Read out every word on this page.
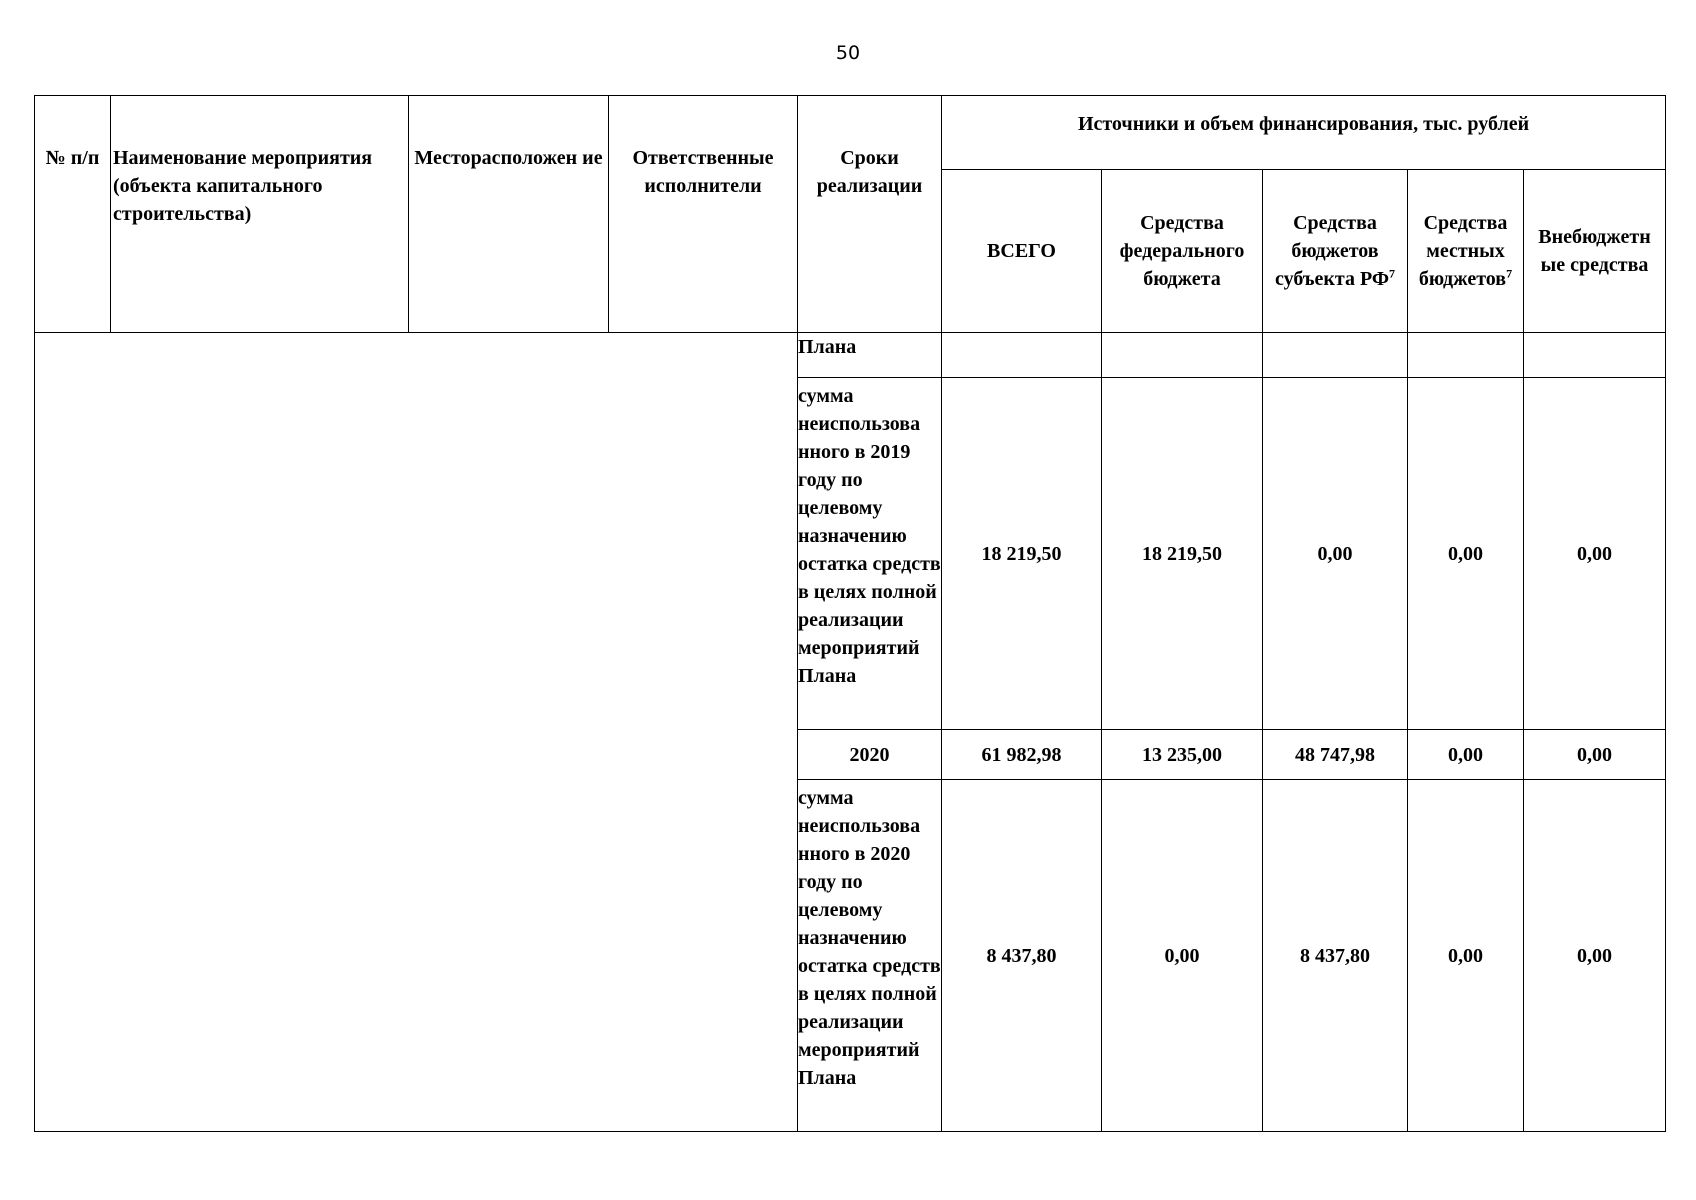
50
№ п/п	Наименование мероприятия (объекта капитального строительства)	Месторасположен ие	Ответственные исполнители	Сроки реализации	Источники и объем финансирования, тыс. рублей				
					ВСЕГО	Средства федерального бюджета	Средства бюджетов субъекта $РФ^7$	Средства местных бюджетов$^7$	Внебюджетн ые средства
				Плана					
				сумма неиспользова нного в 2019 году по целевому назначению остатка средств в целях полной реализации мероприятий Плана	18 219,50	18 219,50	0,00	0,00	0,00
				2020	61 982,98	13 235,00	48 747,98	0,00	0,00
				сумма неиспользова нного в 2020 году по целевому назначению остатка средств в целях полной реализации мероприятий Плана	8 437,80	0,00	8 437,80	0,00	0,00
